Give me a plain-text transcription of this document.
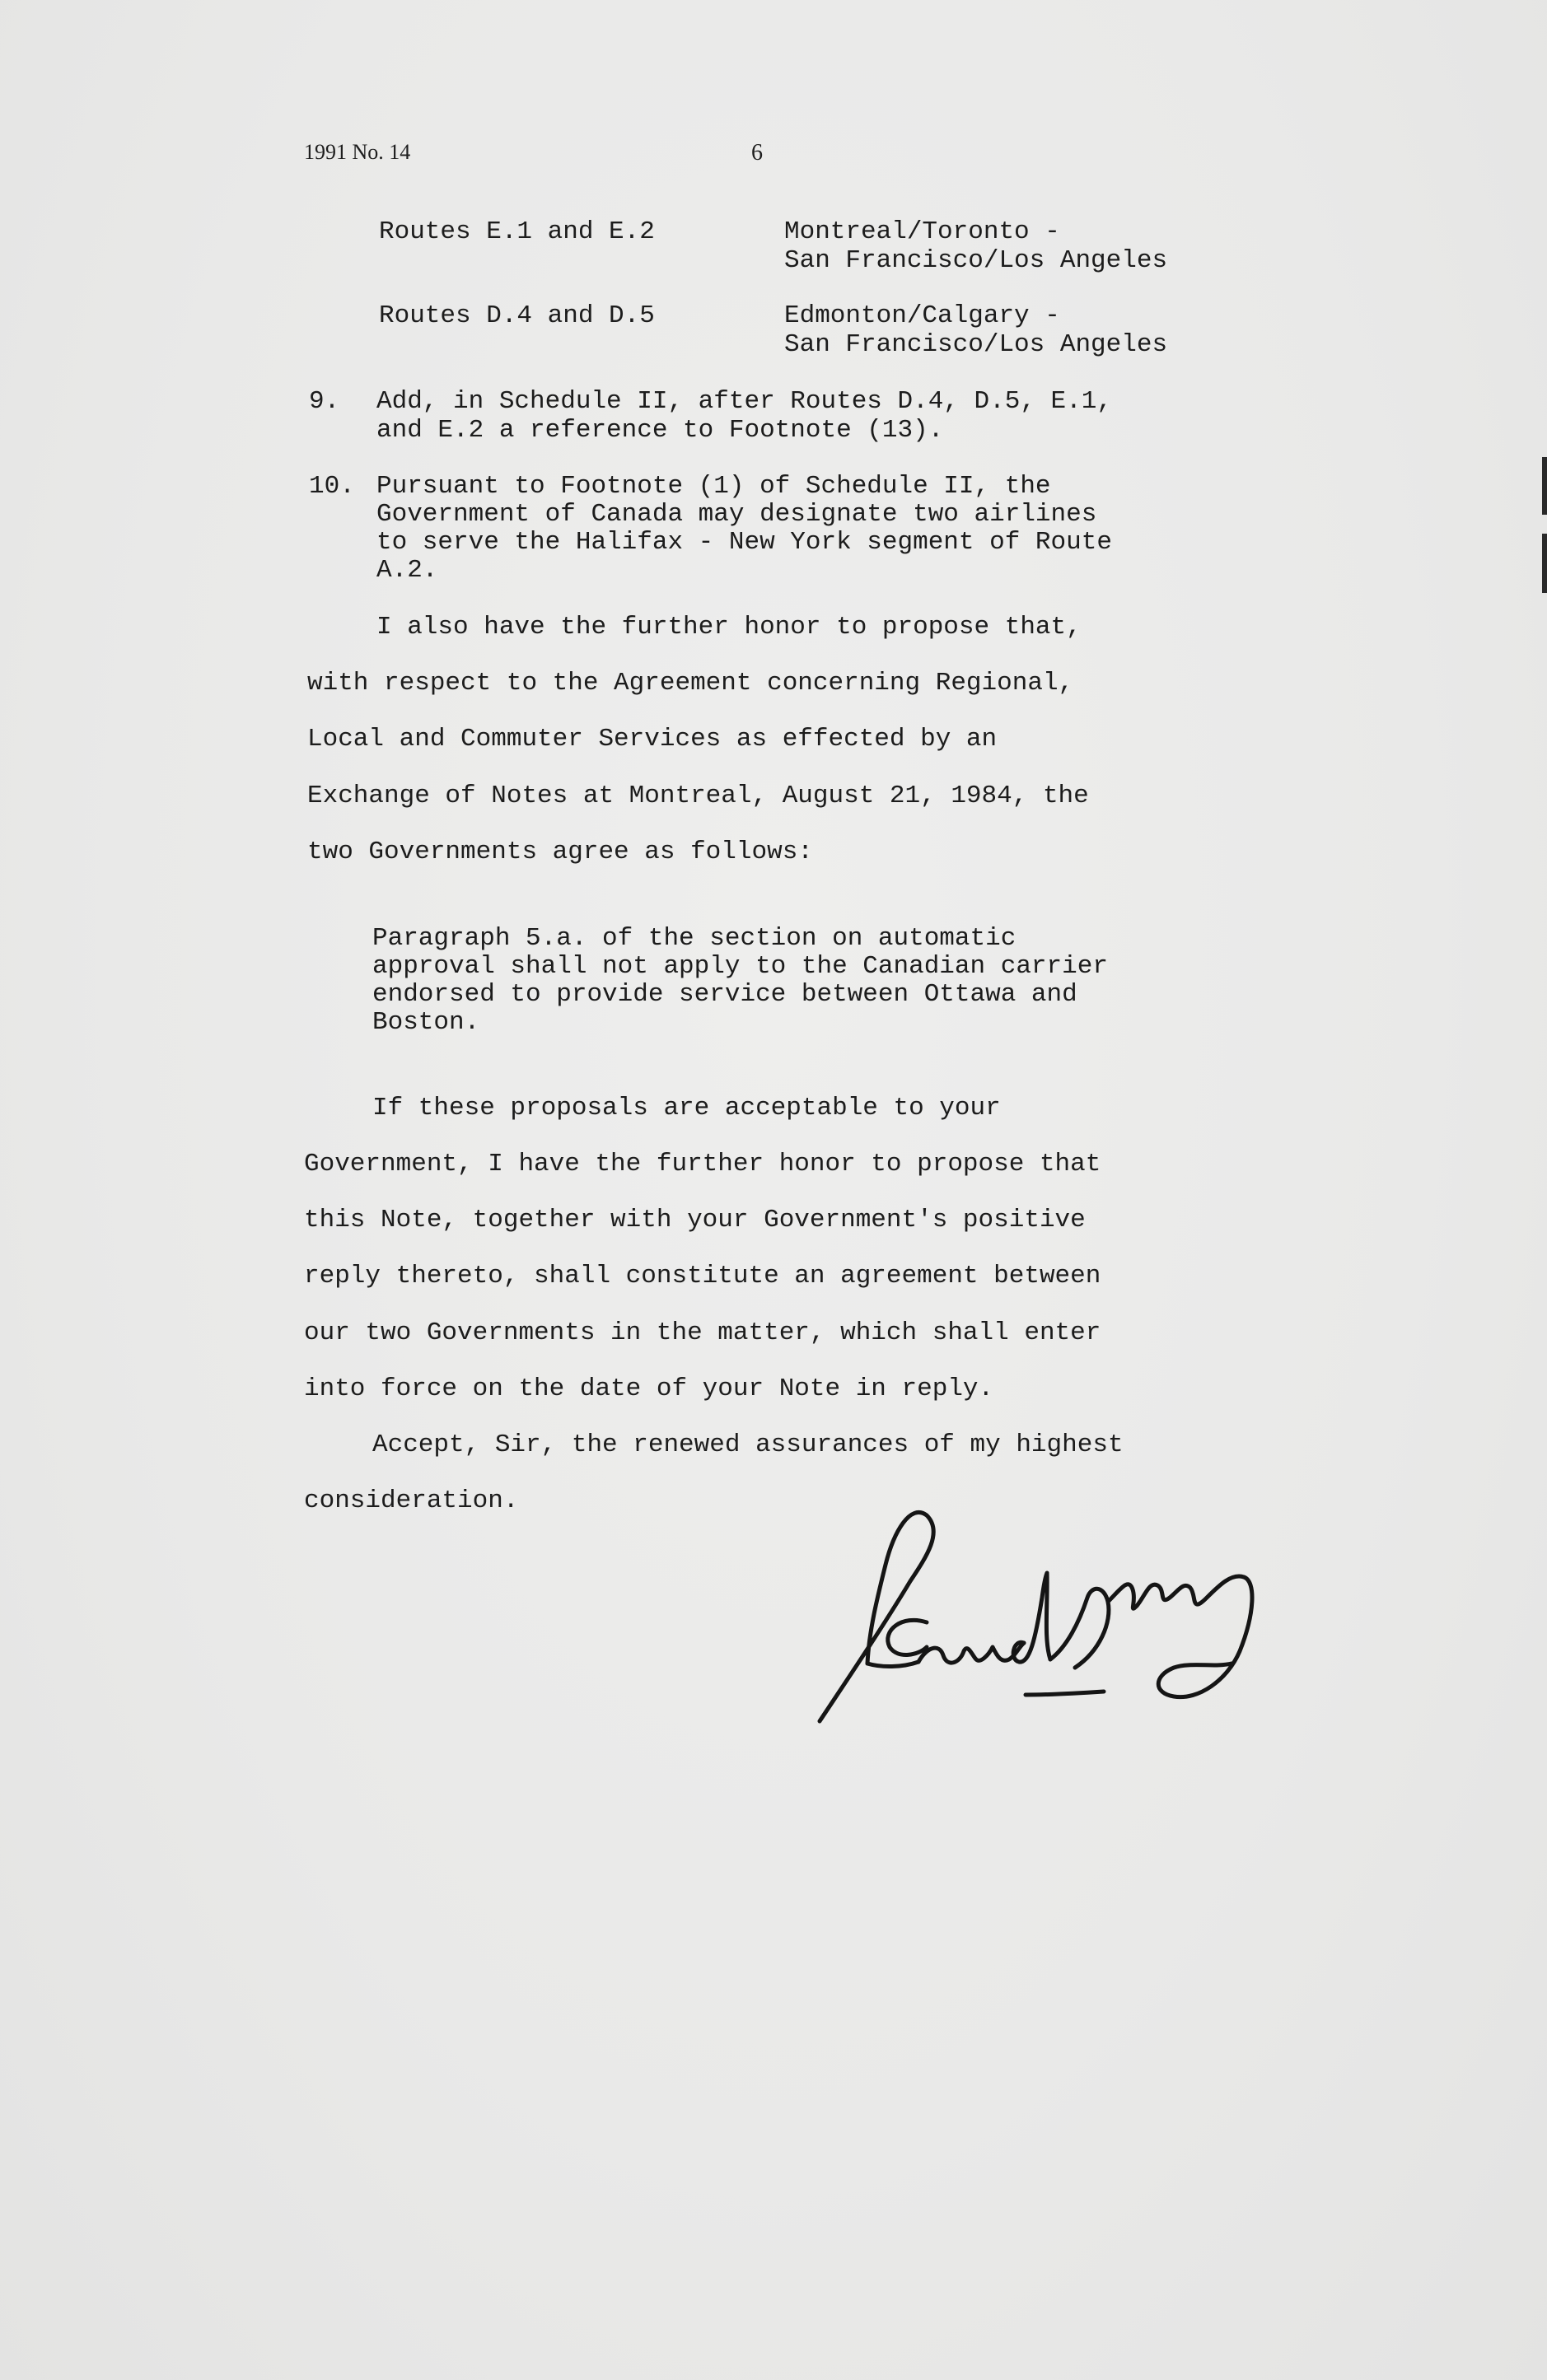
1991 No. 14	6
Routes E.1 and E.2	Montreal/Toronto -
San Francisco/Los Angeles
Routes D.4 and D.5	Edmonton/Calgary -
San Francisco/Los Angeles
9. Add, in Schedule II, after Routes D.4, D.5, E.1,
and E.2 a reference to Footnote (13).
10. Pursuant to Footnote (1) of Schedule II, the
Government of Canada may designate two airlines
to serve the Halifax - New York segment of Route
A.2.
I also have the further honor to propose that,
with respect to the Agreement concerning Regional,
Local and Commuter Services as effected by an
Exchange of Notes at Montreal, August 21, 1984, the
two Governments agree as follows:
Paragraph 5.a. of the section on automatic
approval shall not apply to the Canadian carrier
endorsed to provide service between Ottawa and
Boston.
If these proposals are acceptable to your
Government, I have the further honor to propose that
this Note, together with your Government's positive
reply thereto, shall constitute an agreement between
our two Governments in the matter, which shall enter
into force on the date of your Note in reply.
Accept, Sir, the renewed assurances of my highest
consideration.
